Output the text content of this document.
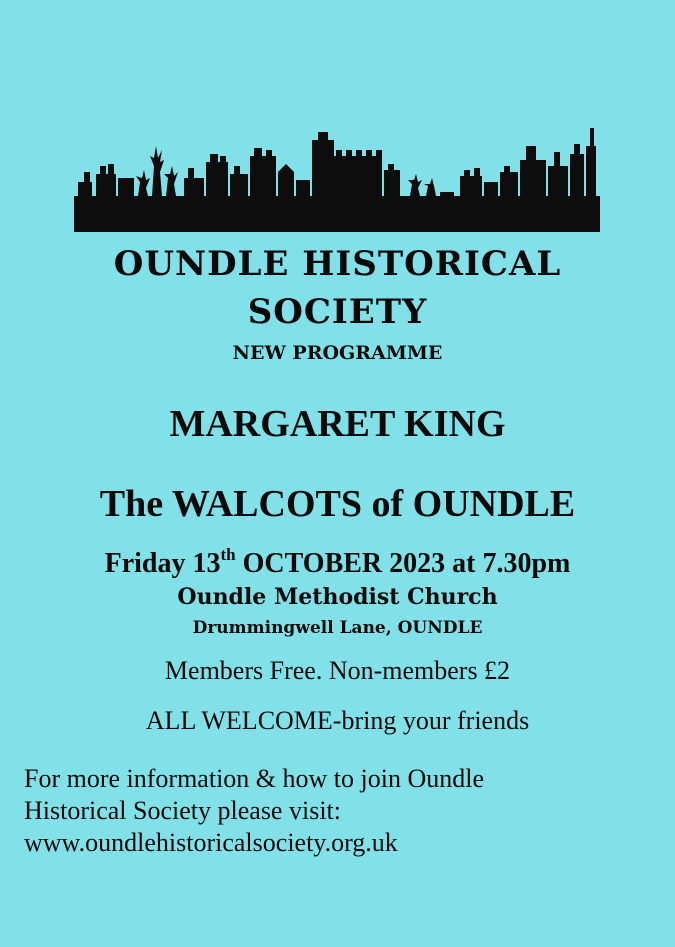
OUNDLE HISTORICAL
SOCIETY
NEW PROGRAMME
MARGARET KING
The WALCOTS of OUNDLE
Friday 13th OCTOBER 2023 at 7.30pm
Oundle Methodist Church
Drummingwell Lane, OUNDLE
Members Free. Non-members £2
ALL WELCOME-bring your friends
For more information & how to join Oundle
Historical Society please visit:
www.oundlehistoricalsociety.org.uk
